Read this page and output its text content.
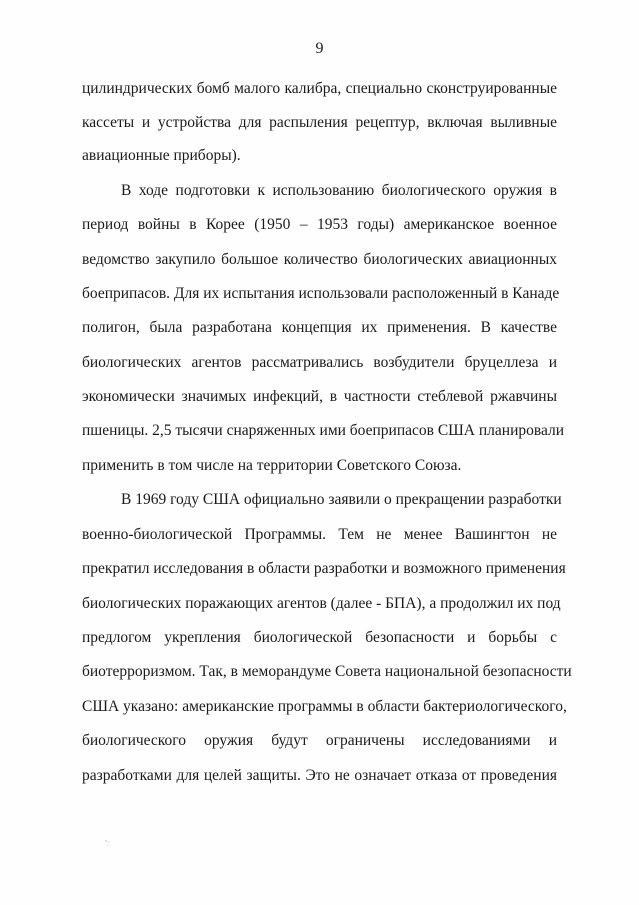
9
цилиндрических бомб малого калибра, специально сконструированные
кассеты и устройства для распыления рецептур, включая выливные
авиационные приборы).
В ходе подготовки к использованию биологического оружия в
период войны в Корее (1950 – 1953 годы) американское военное
ведомство закупило большое количество биологических авиационных
боеприпасов. Для их испытания использовали расположенный в Канаде
полигон, была разработана концепция их применения. В качестве
биологических агентов рассматривались возбудители бруцеллеза и
экономически значимых инфекций, в частности стеблевой ржавчины
пшеницы. 2,5 тысячи снаряженных ими боеприпасов США планировали
применить в том числе на территории Советского Союза.
В 1969 году США официально заявили о прекращении разработки
военно-биологической Программы. Тем не менее Вашингтон не
прекратил исследования в области разработки и возможного применения
биологических поражающих агентов (далее - БПА), а продолжил их под
предлогом укрепления биологической безопасности и борьбы с
биотерроризмом. Так, в меморандуме Совета национальной безопасности
США указано: американские программы в области бактериологического,
биологического оружия будут ограничены исследованиями и
разработками для целей защиты. Это не означает отказа от проведения
